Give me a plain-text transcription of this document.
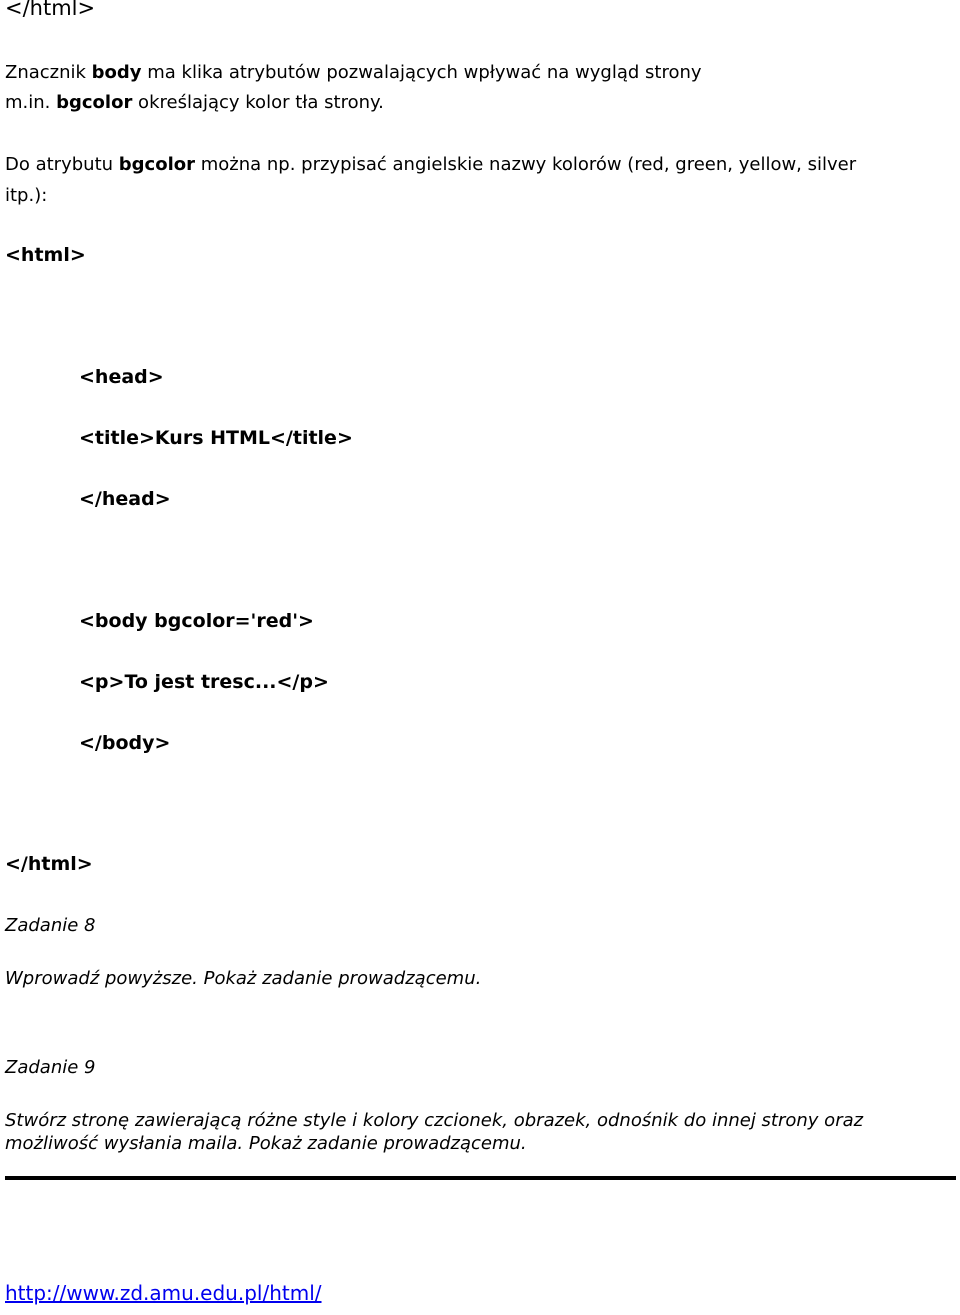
</html>
Znacznik body ma klika atrybutów pozwalających wpływać na wygląd strony
m.in. bgcolor określający kolor tła strony.
Do atrybutu bgcolor można np. przypisać angielskie nazwy kolorów (red, green, yellow, silver
itp.):
<html>
<head>
<title>Kurs HTML</title>
</head>
<body bgcolor='red'>
<p>To jest tresc...</p>
</body>
</html>
Zadanie 8
Wprowadź powyższe. Pokaż zadanie prowadzącemu.
Zadanie 9
Stwórz stronę zawierającą różne style i kolory czcionek, obrazek, odnośnik do innej strony oraz
możliwość wysłania maila. Pokaż zadanie prowadzącemu.
http://www.zd.amu.edu.pl/html/
